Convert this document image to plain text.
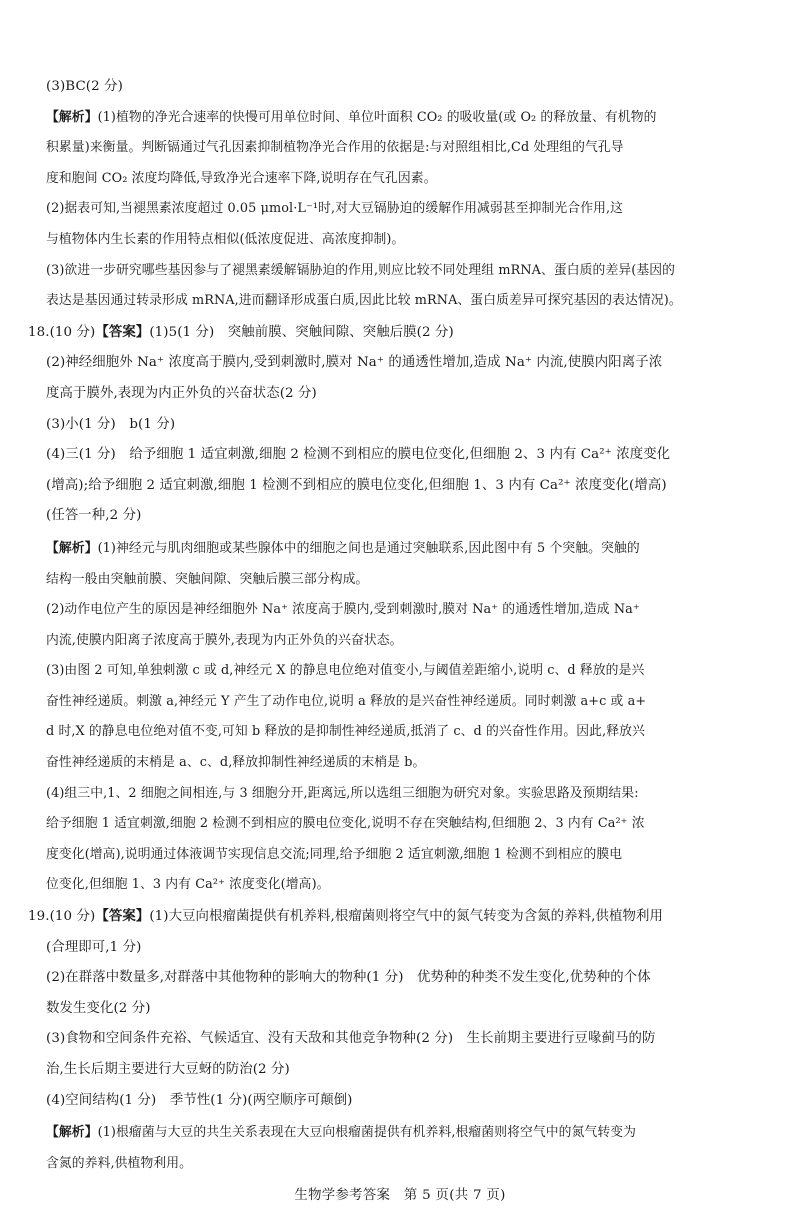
(3)BC(2 分)
【解析】(1)植物的净光合速率的快慢可用单位时间、单位叶面积 CO₂ 的吸收量(或 O₂ 的释放量、有机物的
积累量)来衡量。判断镉通过气孔因素抑制植物净光合作用的依据是:与对照组相比,Cd 处理组的气孔导
度和胞间 CO₂ 浓度均降低,导致净光合速率下降,说明存在气孔因素。
(2)据表可知,当褪黑素浓度超过 0.05 μmol·L⁻¹时,对大豆镉胁迫的缓解作用减弱甚至抑制光合作用,这
与植物体内生长素的作用特点相似(低浓度促进、高浓度抑制)。
(3)欲进一步研究哪些基因参与了褪黑素缓解镉胁迫的作用,则应比较不同处理组 mRNA、蛋白质的差异(基因的
表达是基因通过转录形成 mRNA,进而翻译形成蛋白质,因此比较 mRNA、蛋白质差异可探究基因的表达情况)。
18.(10 分)【答案】(1)5(1 分)　突触前膜、突触间隙、突触后膜(2 分)
(2)神经细胞外 Na⁺ 浓度高于膜内,受到刺激时,膜对 Na⁺ 的通透性增加,造成 Na⁺ 内流,使膜内阳离子浓
度高于膜外,表现为内正外负的兴奋状态(2 分)
(3)小(1 分)　b(1 分)
(4)三(1 分)　给予细胞 1 适宜刺激,细胞 2 检测不到相应的膜电位变化,但细胞 2、3 内有 Ca²⁺ 浓度变化
(增高);给予细胞 2 适宜刺激,细胞 1 检测不到相应的膜电位变化,但细胞 1、3 内有 Ca²⁺ 浓度变化(增高)
(任答一种,2 分)
【解析】(1)神经元与肌肉细胞或某些腺体中的细胞之间也是通过突触联系,因此图中有 5 个突触。突触的
结构一般由突触前膜、突触间隙、突触后膜三部分构成。
(2)动作电位产生的原因是神经细胞外 Na⁺ 浓度高于膜内,受到刺激时,膜对 Na⁺ 的通透性增加,造成 Na⁺
内流,使膜内阳离子浓度高于膜外,表现为内正外负的兴奋状态。
(3)由图 2 可知,单独刺激 c 或 d,神经元 X 的静息电位绝对值变小,与阈值差距缩小,说明 c、d 释放的是兴
奋性神经递质。刺激 a,神经元 Y 产生了动作电位,说明 a 释放的是兴奋性神经递质。同时刺激 a+c 或 a+
d 时,X 的静息电位绝对值不变,可知 b 释放的是抑制性神经递质,抵消了 c、d 的兴奋性作用。因此,释放兴
奋性神经递质的末梢是 a、c、d,释放抑制性神经递质的末梢是 b。
(4)组三中,1、2 细胞之间相连,与 3 细胞分开,距离远,所以选组三细胞为研究对象。实验思路及预期结果:
给予细胞 1 适宜刺激,细胞 2 检测不到相应的膜电位变化,说明不存在突触结构,但细胞 2、3 内有 Ca²⁺ 浓
度变化(增高),说明通过体液调节实现信息交流;同理,给予细胞 2 适宜刺激,细胞 1 检测不到相应的膜电
位变化,但细胞 1、3 内有 Ca²⁺ 浓度变化(增高)。
19.(10 分)【答案】(1)大豆向根瘤菌提供有机养料,根瘤菌则将空气中的氮气转变为含氮的养料,供植物利用
(合理即可,1 分)
(2)在群落中数量多,对群落中其他物种的影响大的物种(1 分)　优势种的种类不发生变化,优势种的个体
数发生变化(2 分)
(3)食物和空间条件充裕、气候适宜、没有天敌和其他竞争物种(2 分)　生长前期主要进行豆喙蓟马的防
治,生长后期主要进行大豆蚜的防治(2 分)
(4)空间结构(1 分)　季节性(1 分)(两空顺序可颠倒)
【解析】(1)根瘤菌与大豆的共生关系表现在大豆向根瘤菌提供有机养料,根瘤菌则将空气中的氮气转变为
含氮的养料,供植物利用。
生物学参考答案　第 5 页(共 7 页)
